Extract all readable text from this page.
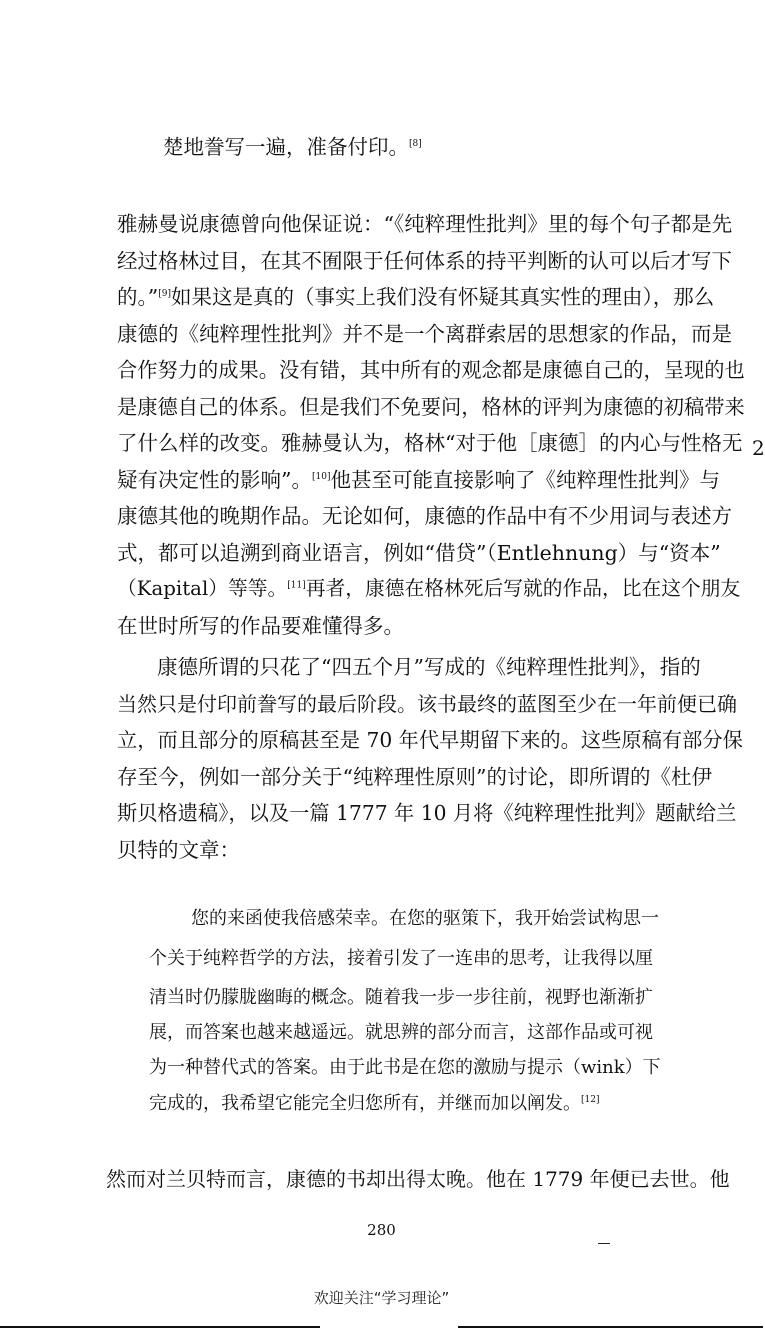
楚地誊写一遍，准备付印。[8]
雅赫曼说康德曾向他保证说：“《纯粹理性批判》里的每个句子都是先
经过格林过目，在其不囿限于任何体系的持平判断的认可以后才写下
的。”[9]如果这是真的（事实上我们没有怀疑其真实性的理由），那么
康德的《纯粹理性批判》并不是一个离群索居的思想家的作品，而是
合作努力的成果。没有错，其中所有的观念都是康德自己的，呈现的也
是康德自己的体系。但是我们不免要问，格林的评判为康德的初稿带来
了什么样的改变。雅赫曼认为，格林“对于他［康德］的内心与性格无
疑有决定性的影响”。[10]他甚至可能直接影响了《纯粹理性批判》与
康德其他的晚期作品。无论如何，康德的作品中有不少用词与表述方
式，都可以追溯到商业语言，例如“借贷”（Entlehnung）与“资本”
（Kapital）等等。[11]再者，康德在格林死后写就的作品，比在这个朋友
在世时所写的作品要难懂得多。
康德所谓的只花了“四五个月”写成的《纯粹理性批判》，指的
当然只是付印前誊写的最后阶段。该书最终的蓝图至少在一年前便已确
立，而且部分的原稿甚至是 70 年代早期留下来的。这些原稿有部分保
存至今，例如一部分关于“纯粹理性原则”的讨论，即所谓的《杜伊
斯贝格遗稿》，以及一篇 1777 年 10 月将《纯粹理性批判》题献给兰
贝特的文章：
您的来函使我倍感荣幸。在您的驱策下，我开始尝试构思一
个关于纯粹哲学的方法，接着引发了一连串的思考，让我得以厘
清当时仍朦胧幽晦的概念。随着我一步一步往前，视野也渐渐扩
展，而答案也越来越遥远。就思辨的部分而言，这部作品或可视
为一种替代式的答案。由于此书是在您的激励与提示（wink）下
完成的，我希望它能完全归您所有，并继而加以阐发。[12]
然而对兰贝特而言，康德的书却出得太晚。他在 1779 年便已去世。他
280
2
欢迎关注“学习理论”
